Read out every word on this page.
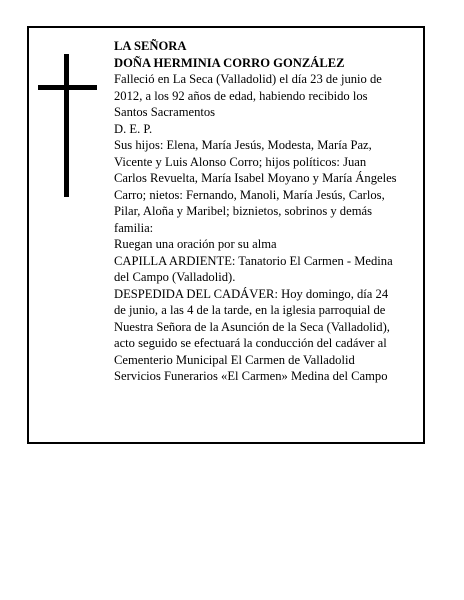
LA SEÑORA
DOÑA HERMINIA CORRO GONZÁLEZ
Falleció en La Seca (Valladolid) el día 23 de junio de
2012, a los 92 años de edad, habiendo recibido los
Santos Sacramentos
D. E. P.
Sus hijos: Elena, María Jesús, Modesta, María Paz,
Vicente y Luis Alonso Corro; hijos políticos: Juan
Carlos Revuelta, María Isabel Moyano y María Ángeles
Carro; nietos: Fernando, Manoli, María Jesús, Carlos,
Pilar, Aloña y Maribel; biznietos, sobrinos y demás
familia:
Ruegan una oración por su alma
CAPILLA ARDIENTE: Tanatorio El Carmen - Medina
del Campo (Valladolid).
DESPEDIDA DEL CADÁVER: Hoy domingo, día 24
de junio, a las 4 de la tarde, en la iglesia parroquial de
Nuestra Señora de la Asunción de la Seca (Valladolid),
acto seguido se efectuará la conducción del cadáver al
Cementerio Municipal El Carmen de Valladolid
Servicios Funerarios «El Carmen» Medina del Campo
